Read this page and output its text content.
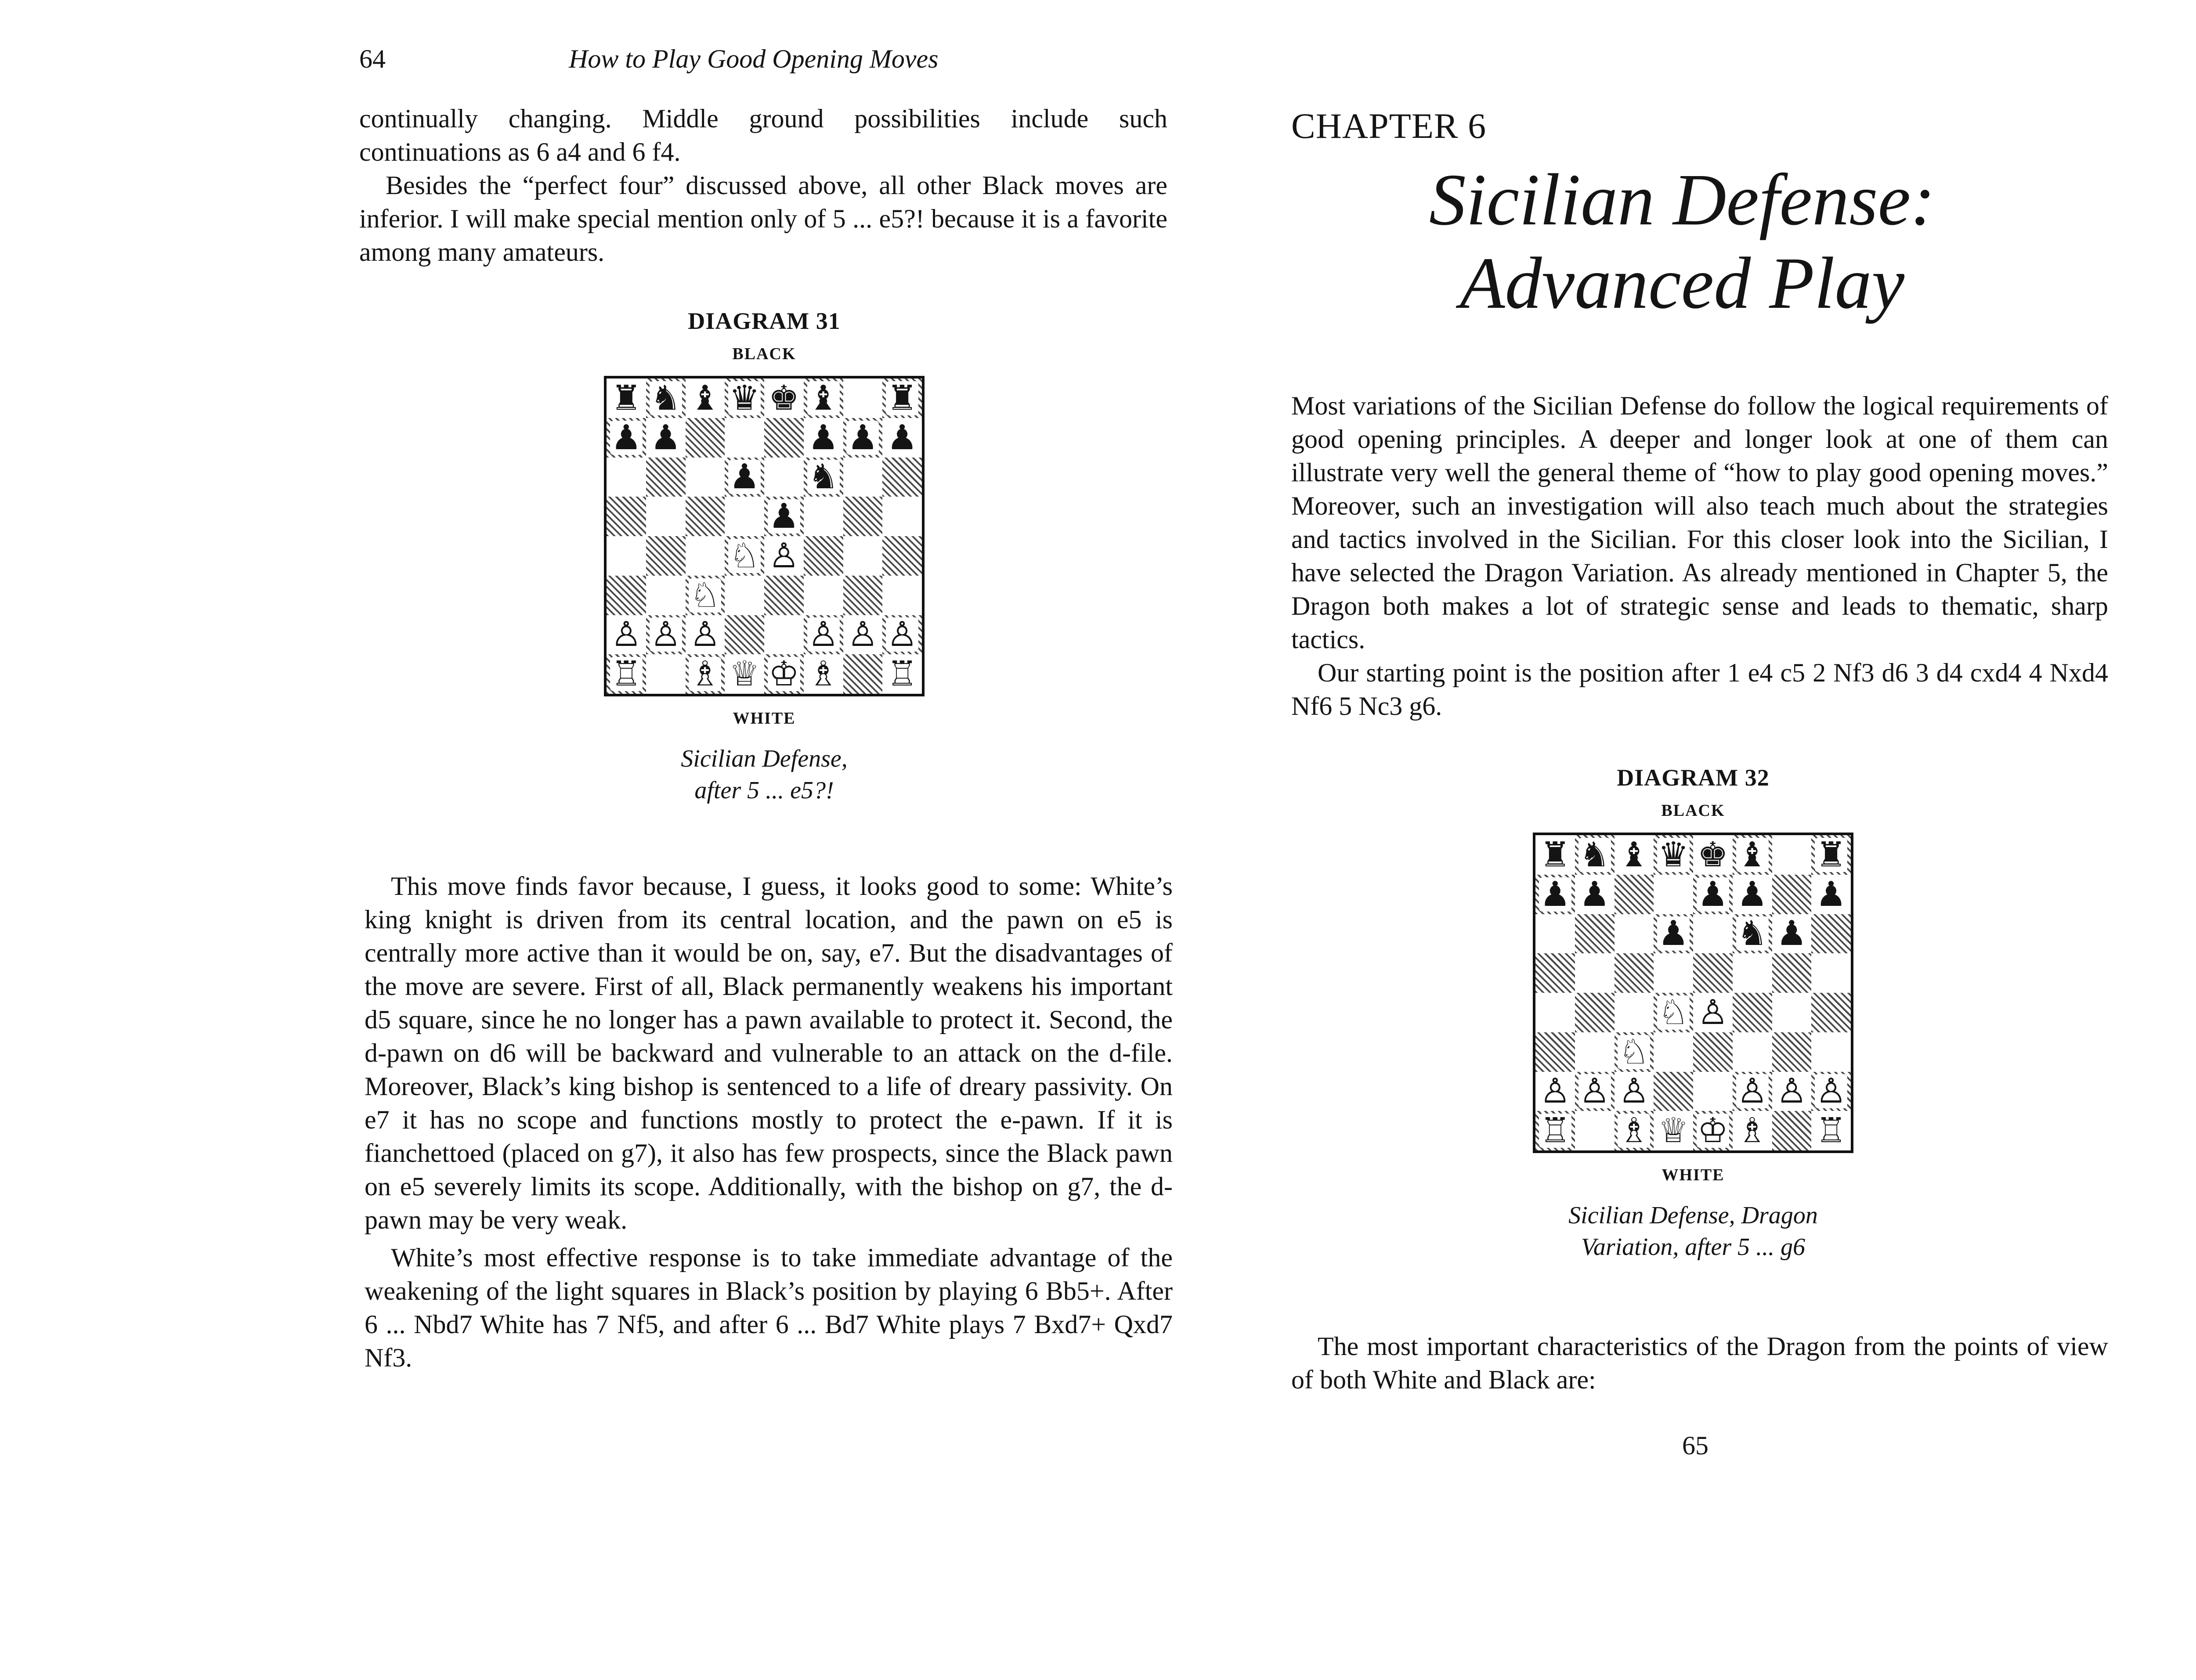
64	How to Play Good Opening Moves

continually changing. Middle ground possibilities include such continuations as 6 a4 and 6 f4.

Besides the “perfect four” discussed above, all other Black moves are inferior. I will make special mention only of 5 ... e5?! because it is a favorite among many amateurs.

DIAGRAM 31
BLACK
♜ ♞ ♝ ♛ ♚ ♝ ♜
♟ ♟	♟ ♟ ♟
♟ ♞
♟
♘ ♙
♘
♙ ♙ ♙	♙ ♙ ♙
♖ ♗ ♕ ♔ ♗ ♖
WHITE
Sicilian Defense,
after 5 ... e5?!

This move finds favor because, I guess, it looks good to some: White’s king knight is driven from its central location, and the pawn on e5 is centrally more active than it would be on, say, e7. But the disadvantages of the move are severe. First of all, Black permanently weakens his important d5 square, since he no longer has a pawn available to protect it. Second, the d-pawn on d6 will be backward and vulnerable to an attack on the d-file. Moreover, Black’s king bishop is sentenced to a life of dreary passivity. On e7 it has no scope and functions mostly to protect the e-pawn. If it is fianchettoed (placed on g7), it also has few prospects, since the Black pawn on e5 severely limits its scope. Additionally, with the bishop on g7, the d-pawn may be very weak.

White’s most effective response is to take immediate advantage of the weakening of the light squares in Black’s position by playing 6 Bb5+. After 6 ... Nbd7 White has 7 Nf5, and after 6 ... Bd7 White plays 7 Bxd7+ Qxd7 Nf3.

CHAPTER 6
Sicilian Defense:
Advanced Play

Most variations of the Sicilian Defense do follow the logical requirements of good opening principles. A deeper and longer look at one of them can illustrate very well the general theme of “how to play good opening moves.” Moreover, such an investigation will also teach much about the strategies and tactics involved in the Sicilian. For this closer look into the Sicilian, I have selected the Dragon Variation. As already mentioned in Chapter 5, the Dragon both makes a lot of strategic sense and leads to thematic, sharp tactics.

Our starting point is the position after 1 e4 c5 2 Nf3 d6 3 d4 cxd4 4 Nxd4 Nf6 5 Nc3 g6.

DIAGRAM 32
BLACK
♜ ♞ ♝ ♛ ♚ ♝ ♜
♟ ♟	♟ ♟ ♟
♟ ♞ ♟
♘ ♙
♘
♙ ♙ ♙	♙ ♙ ♙
♖ ♗ ♕ ♔ ♗ ♖
WHITE
Sicilian Defense, Dragon
Variation, after 5 ... g6

The most important characteristics of the Dragon from the points of view of both White and Black are:

65
